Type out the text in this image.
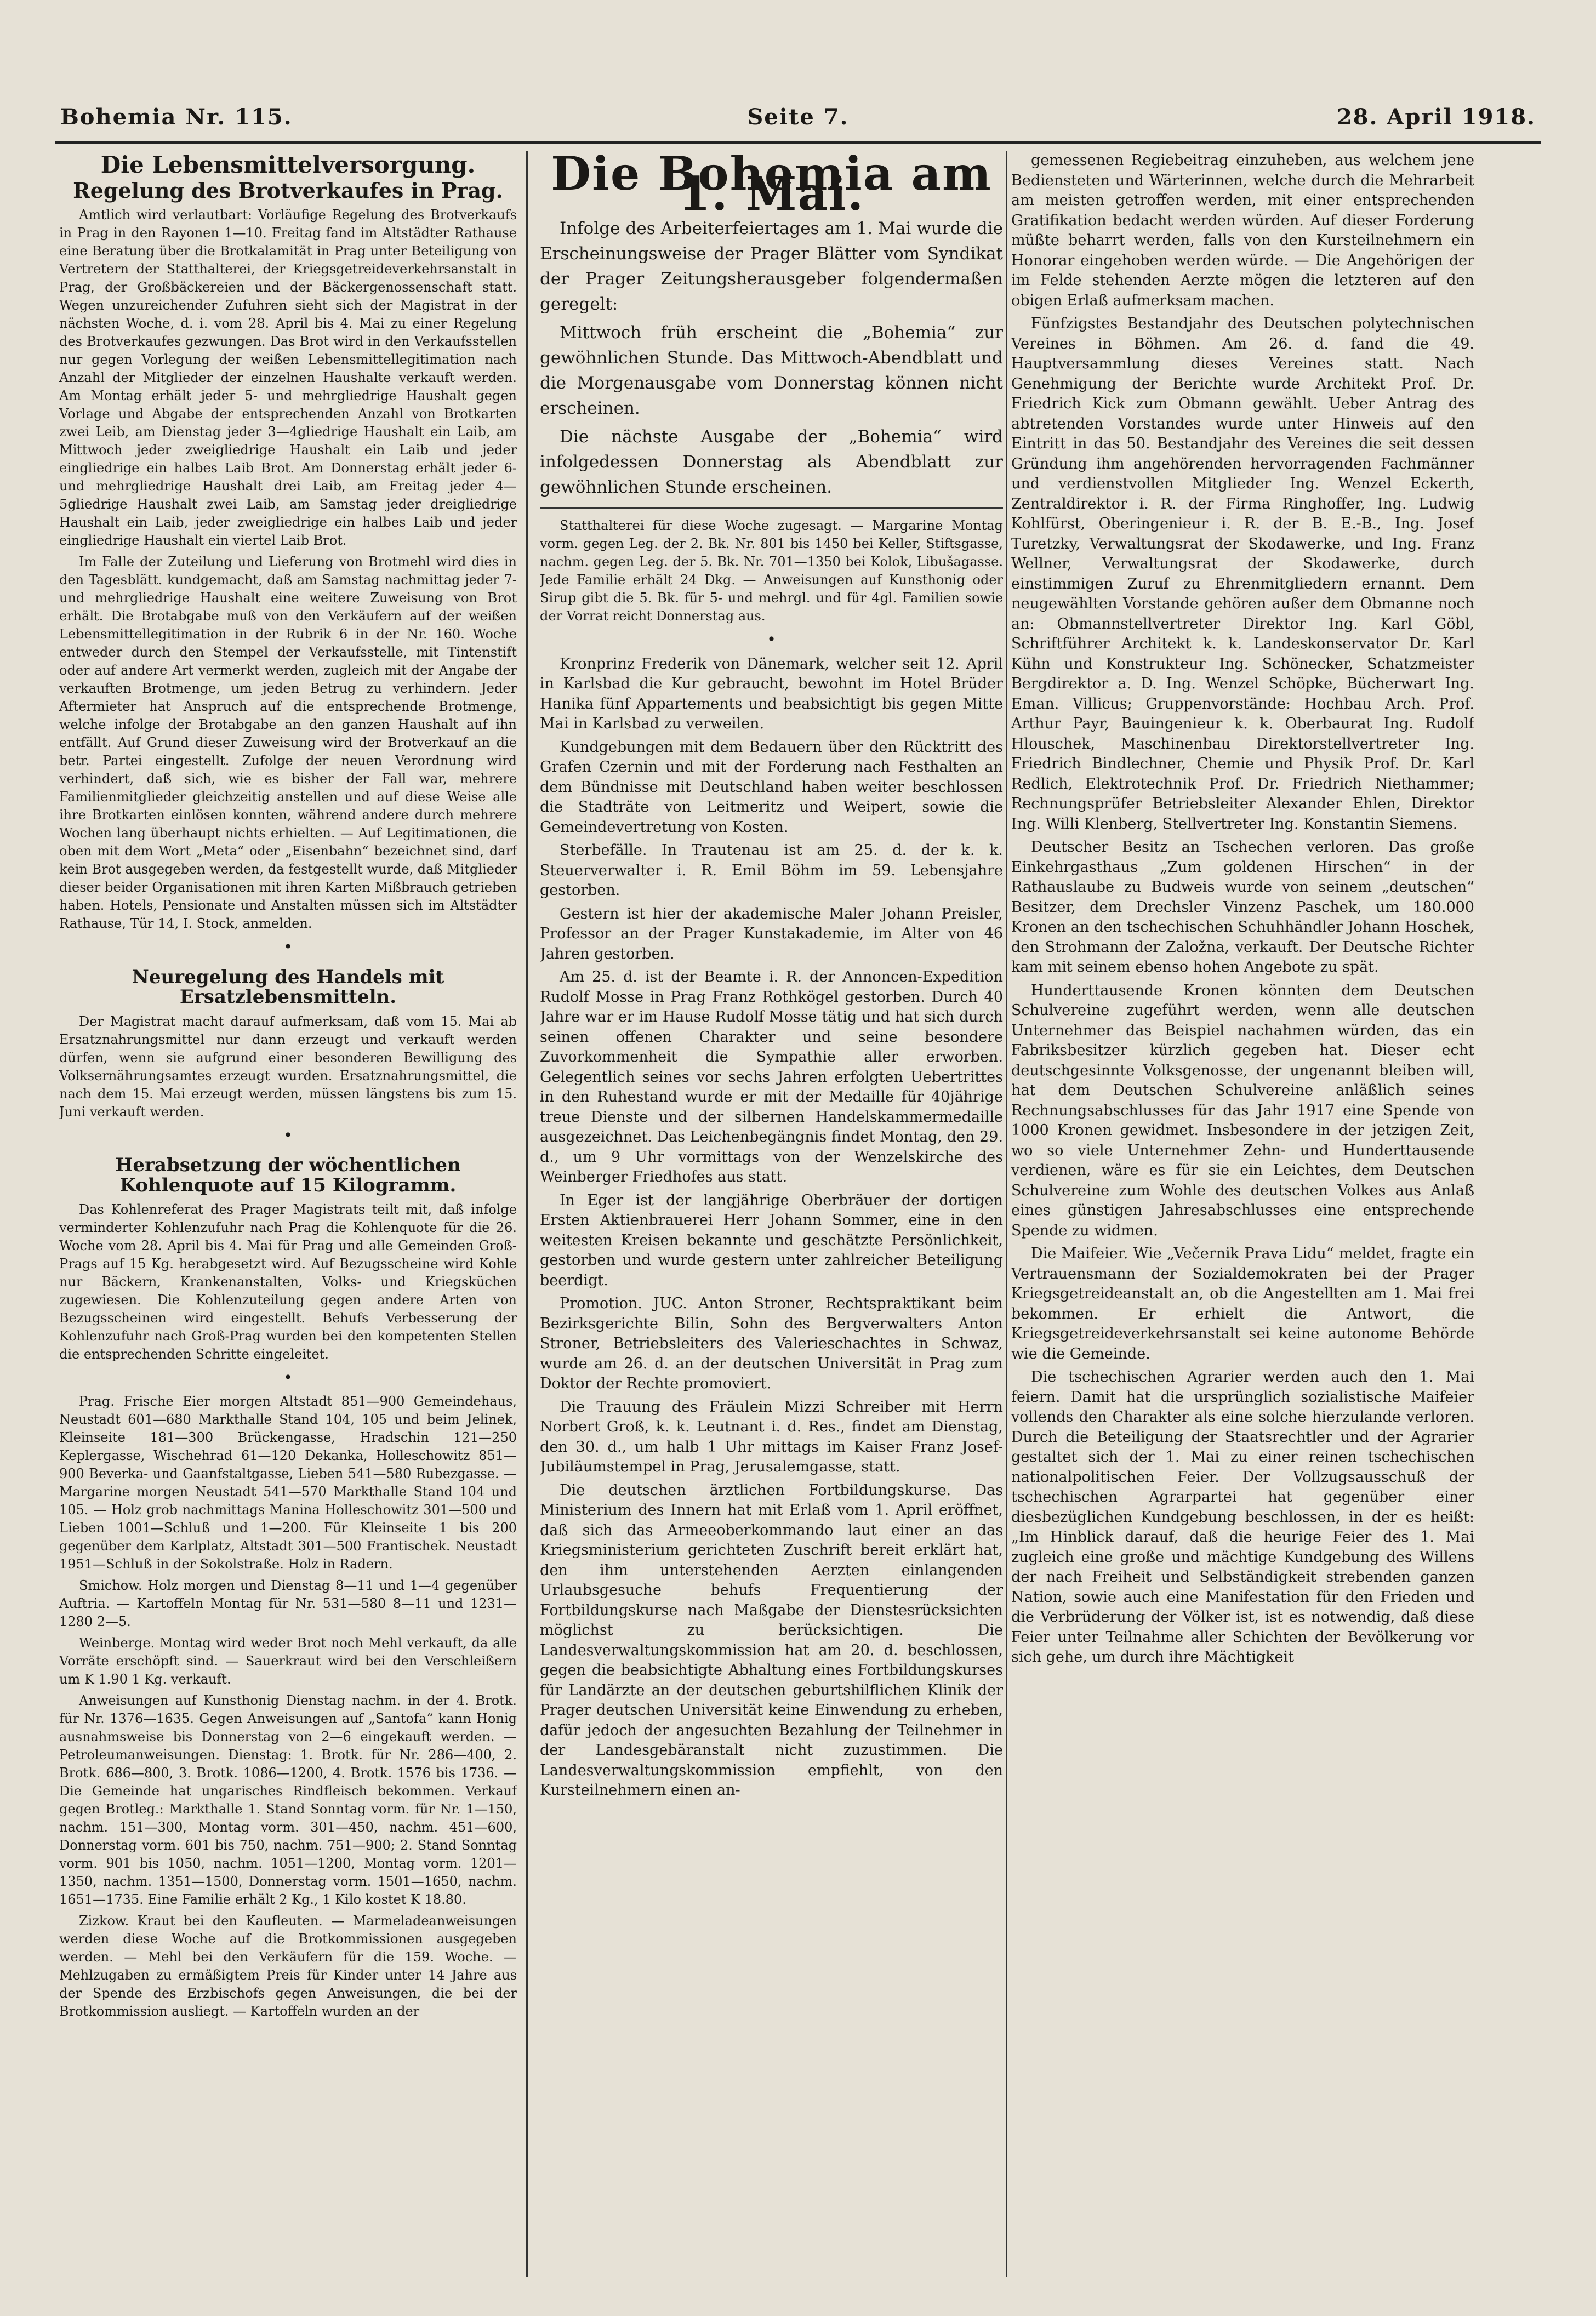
Bohemia Nr. 115.	Seite 7.	28. April 1918.
Die Lebensmittelversorgung.
Regelung des Brotverkaufes in Prag.

Amtlich wird verlautbart: Vorläufige Regelung des Brotverkaufs in Prag in den Rayonen 1—10. Freitag fand im Altstädter Rathause eine Beratung über die Brotkalamität in Prag unter Beteiligung von Vertretern der Statthalterei, der Kriegsgetreideverkehrsanstalt in Prag, der Großbäckereien und der Bäckergenossenschaft statt. Wegen unzureichender Zufuhren sieht sich der Magistrat in der nächsten Woche, d. i. vom 28. April bis 4. Mai zu einer Regelung des Brotverkaufes gezwungen. Das Brot wird in den Verkaufsstellen nur gegen Vorlegung der weißen Lebensmittellegitimation nach Anzahl der Mitglieder der einzelnen Haushalte verkauft werden. Am Montag erhält jeder 5- und mehrgliedrige Haushalt gegen Vorlage und Abgabe der entsprechenden Anzahl von Brotkarten zwei Leib, am Dienstag jeder 3—4gliedrige Haushalt ein Laib, am Mittwoch jeder zweigliedrige Haushalt ein Laib und jeder eingliedrige ein halbes Laib Brot. Am Donnerstag erhält jeder 6- und mehrgliedrige Haushalt drei Laib, am Freitag jeder 4—5gliedrige Haushalt zwei Laib, am Samstag jeder dreigliedrige Haushalt ein Laib, jeder zweigliedrige ein halbes Laib und jeder eingliedrige Haushalt ein viertel Laib Brot.

Im Falle der Zuteilung und Lieferung von Brotmehl wird dies in den Tagesblätt. kundgemacht, daß am Samstag nachmittag jeder 7- und mehrgliedrige Haushalt eine weitere Zuweisung von Brot erhält. Die Brotabgabe muß von den Verkäufern auf der weißen Lebensmittellegitimation in der Rubrik 6 in der Nr. 160. Woche entweder durch den Stempel der Verkaufsstelle, mit Tintenstift oder auf andere Art vermerkt werden, zugleich mit der Angabe der verkauften Brotmenge, um jeden Betrug zu verhindern. Jeder Aftermieter hat Anspruch auf die entsprechende Brotmenge, welche infolge der Brotabgabe an den ganzen Haushalt auf ihn entfällt. Auf Grund dieser Zuweisung wird der Brotverkauf an die betr. Partei eingestellt. Zufolge der neuen Verordnung wird verhindert, daß sich, wie es bisher der Fall war, mehrere Familienmitglieder gleichzeitig anstellen und auf diese Weise alle ihre Brotkarten einlösen konnten, während andere durch mehrere Wochen lang überhaupt nichts erhielten. — Auf Legitimationen, die oben mit dem Wort „Meta“ oder „Eisenbahn“ bezeichnet sind, darf kein Brot ausgegeben werden, da festgestellt wurde, daß Mitglieder dieser beider Organisationen mit ihren Karten Mißbrauch getrieben haben. Hotels, Pensionate und Anstalten müssen sich im Altstädter Rathause, Tür 14, I. Stock, anmelden.

•
Neuregelung des Handels mit Ersatzlebensmitteln.

Der Magistrat macht darauf aufmerksam, daß vom 15. Mai ab Ersatznahrungsmittel nur dann erzeugt und verkauft werden dürfen, wenn sie aufgrund einer besonderen Bewilligung des Volksernährungsamtes erzeugt wurden. Ersatznahrungsmittel, die nach dem 15. Mai erzeugt werden, müssen längstens bis zum 15. Juni verkauft werden.

•
Herabsetzung der wöchentlichen Kohlenquote auf 15 Kilogramm.

Das Kohlenreferat des Prager Magistrats teilt mit, daß infolge verminderter Kohlenzufuhr nach Prag die Kohlenquote für die 26. Woche vom 28. April bis 4. Mai für Prag und alle Gemeinden Groß-Prags auf 15 Kg. herabgesetzt wird. Auf Bezugsscheine wird Kohle nur Bäckern, Krankenanstalten, Volks- und Kriegsküchen zugewiesen. Die Kohlenzuteilung gegen andere Arten von Bezugsscheinen wird eingestellt. Behufs Verbesserung der Kohlenzufuhr nach Groß-Prag wurden bei den kompetenten Stellen die entsprechenden Schritte eingeleitet.

•

Prag. Frische Eier morgen Altstadt 851—900 Gemeindehaus, Neustadt 601—680 Markthalle Stand 104, 105 und beim Jelinek, Kleinseite 181—300 Brückengasse, Hradschin 121—250 Keplergasse, Wischehrad 61—120 Dekanka, Holleschowitz 851—900 Beverka- und Gaanfstaltgasse, Lieben 541—580 Rubezgasse. — Margarine morgen Neustadt 541—570 Markthalle Stand 104 und 105. — Holz grob nachmittags Manina Holleschowitz 301—500 und Lieben 1001—Schluß und 1—200. Für Kleinseite 1 bis 200 gegenüber dem Karlplatz, Altstadt 301—500 Frantischek. Neustadt 1951—Schluß in der Sokolstraße. Holz in Radern.

Smichow. Holz morgen und Dienstag 8—11 und 1—4 gegenüber Auftria. — Kartoffeln Montag für Nr. 531—580 8—11 und 1231—1280 2—5.

Weinberge. Montag wird weder Brot noch Mehl verkauft, da alle Vorräte erschöpft sind. — Sauerkraut wird bei den Verschleißern um K 1.90 1 Kg. verkauft.

Anweisungen auf Kunsthonig Dienstag nachm. in der 4. Brotk. für Nr. 1376—1635. Gegen Anweisungen auf „Santofa“ kann Honig ausnahmsweise bis Donnerstag von 2—6 eingekauft werden. — Petroleumanweisungen. Dienstag: 1. Brotk. für Nr. 286—400, 2. Brotk. 686—800, 3. Brotk. 1086—1200, 4. Brotk. 1576 bis 1736. — Die Gemeinde hat ungarisches Rindfleisch bekommen. Verkauf gegen Brotleg.: Markthalle 1. Stand Sonntag vorm. für Nr. 1—150, nachm. 151—300, Montag vorm. 301—450, nachm. 451—600, Donnerstag vorm. 601 bis 750, nachm. 751—900; 2. Stand Sonntag vorm. 901 bis 1050, nachm. 1051—1200, Montag vorm. 1201—1350, nachm. 1351—1500, Donnerstag vorm. 1501—1650, nachm. 1651—1735. Eine Familie erhält 2 Kg., 1 Kilo kostet K 18.80.

Zizkow. Kraut bei den Kaufleuten. — Marmeladeanweisungen werden diese Woche auf die Brotkommissionen ausgegeben werden. — Mehl bei den Verkäufern für die 159. Woche. — Mehlzugaben zu ermäßigtem Preis für Kinder unter 14 Jahre aus der Spende des Erzbischofs gegen Anweisungen, die bei der Brotkommission ausliegt. — Kartoffeln wurden an der

Die Bohemia am 1. Mai.

Infolge des Arbeiterfeiertages am 1. Mai wurde die Erscheinungsweise der Prager Blätter vom Syndikat der Prager Zeitungsherausgeber folgendermaßen geregelt:

Mittwoch früh erscheint die „Bohemia“ zur gewöhnlichen Stunde. Das Mittwoch-Abendblatt und die Morgenausgabe vom Donnerstag können nicht erscheinen.

Die nächste Ausgabe der „Bohemia“ wird infolgedessen Donnerstag als Abendblatt zur gewöhnlichen Stunde erscheinen.

Statthalterei für diese Woche zugesagt. — Margarine Montag vorm. gegen Leg. der 2. Bk. Nr. 801 bis 1450 bei Keller, Stiftsgasse, nachm. gegen Leg. der 5. Bk. Nr. 701—1350 bei Kolok, Libušagasse. Jede Familie erhält 24 Dkg. — Anweisungen auf Kunsthonig oder Sirup gibt die 5. Bk. für 5- und mehrgl. und für 4gl. Familien sowie der Vorrat reicht Donnerstag aus.

•

Kronprinz Frederik von Dänemark, welcher seit 12. April in Karlsbad die Kur gebraucht, bewohnt im Hotel Brüder Hanika fünf Appartements und beabsichtigt bis gegen Mitte Mai in Karlsbad zu verweilen.

Kundgebungen mit dem Bedauern über den Rücktritt des Grafen Czernin und mit der Forderung nach Festhalten an dem Bündnisse mit Deutschland haben weiter beschlossen die Stadträte von Leitmeritz und Weipert, sowie die Gemeindevertretung von Kosten.

Sterbefälle. In Trautenau ist am 25. d. der k. k. Steuerverwalter i. R. Emil Böhm im 59. Lebensjahre gestorben.

Gestern ist hier der akademische Maler Johann Preisler, Professor an der Prager Kunstakademie, im Alter von 46 Jahren gestorben.

Am 25. d. ist der Beamte i. R. der Annoncen-Expedition Rudolf Mosse in Prag Franz Rothkögel gestorben. Durch 40 Jahre war er im Hause Rudolf Mosse tätig und hat sich durch seinen offenen Charakter und seine besondere Zuvorkommenheit die Sympathie aller erworben. Gelegentlich seines vor sechs Jahren erfolgten Uebertrittes in den Ruhestand wurde er mit der Medaille für 40jährige treue Dienste und der silbernen Handelskammermedaille ausgezeichnet. Das Leichenbegängnis findet Montag, den 29. d., um 9 Uhr vormittags von der Wenzelskirche des Weinberger Friedhofes aus statt.

In Eger ist der langjährige Oberbräuer der dortigen Ersten Aktienbrauerei Herr Johann Sommer, eine in den weitesten Kreisen bekannte und geschätzte Persönlichkeit, gestorben und wurde gestern unter zahlreicher Beteiligung beerdigt.

Promotion. JUC. Anton Stroner, Rechtspraktikant beim Bezirksgerichte Bilin, Sohn des Bergverwalters Anton Stroner, Betriebsleiters des Valerieschachtes in Schwaz, wurde am 26. d. an der deutschen Universität in Prag zum Doktor der Rechte promoviert.

Die Trauung des Fräulein Mizzi Schreiber mit Herrn Norbert Groß, k. k. Leutnant i. d. Res., findet am Dienstag, den 30. d., um halb 1 Uhr mittags im Kaiser Franz Josef-Jubiläumstempel in Prag, Jerusalemgasse, statt.

Die deutschen ärztlichen Fortbildungskurse. Das Ministerium des Innern hat mit Erlaß vom 1. April eröffnet, daß sich das Armeeoberkommando laut einer an das Kriegsministerium gerichteten Zuschrift bereit erklärt hat, den ihm unterstehenden Aerzten einlangenden Urlaubsgesuche behufs Frequentierung der Fortbildungskurse nach Maßgabe der Dienstesrücksichten möglichst zu berücksichtigen. Die Landesverwaltungskommission hat am 20. d. beschlossen, gegen die beabsichtigte Abhaltung eines Fortbildungskurses für Landärzte an der deutschen geburtshilflichen Klinik der Prager deutschen Universität keine Einwendung zu erheben, dafür jedoch der angesuchten Bezahlung der Teilnehmer in der Landesgebäranstalt nicht zuzustimmen. Die Landesverwaltungskommission empfiehlt, von den Kursteilnehmern einen an-

gemessenen Regiebeitrag einzuheben, aus welchem jene Bediensteten und Wärterinnen, welche durch die Mehrarbeit am meisten getroffen werden, mit einer entsprechenden Gratifikation bedacht werden würden. Auf dieser Forderung müßte beharrt werden, falls von den Kursteilnehmern ein Honorar eingehoben werden würde. — Die Angehörigen der im Felde stehenden Aerzte mögen die letzteren auf den obigen Erlaß aufmerksam machen.

Fünfzigstes Bestandjahr des Deutschen polytechnischen Vereines in Böhmen. Am 26. d. fand die 49. Hauptversammlung dieses Vereines statt. Nach Genehmigung der Berichte wurde Architekt Prof. Dr. Friedrich Kick zum Obmann gewählt. Ueber Antrag des abtretenden Vorstandes wurde unter Hinweis auf den Eintritt in das 50. Bestandjahr des Vereines die seit dessen Gründung ihm angehörenden hervorragenden Fachmänner und verdienstvollen Mitglieder Ing. Wenzel Eckerth, Zentraldirektor i. R. der Firma Ringhoffer, Ing. Ludwig Kohlfürst, Oberingenieur i. R. der B. E.-B., Ing. Josef Turetzky, Verwaltungsrat der Skodawerke, und Ing. Franz Wellner, Verwaltungsrat der Skodawerke, durch einstimmigen Zuruf zu Ehrenmitgliedern ernannt. Dem neugewählten Vorstande gehören außer dem Obmanne noch an: Obmannstellvertreter Direktor Ing. Karl Göbl, Schriftführer Architekt k. k. Landeskonservator Dr. Karl Kühn und Konstrukteur Ing. Schönecker, Schatzmeister Bergdirektor a. D. Ing. Wenzel Schöpke, Bücherwart Ing. Eman. Villicus; Gruppenvorstände: Hochbau Arch. Prof. Arthur Payr, Bauingenieur k. k. Oberbaurat Ing. Rudolf Hlouschek, Maschinenbau Direktorstellvertreter Ing. Friedrich Bindlechner, Chemie und Physik Prof. Dr. Karl Redlich, Elektrotechnik Prof. Dr. Friedrich Niethammer; Rechnungsprüfer Betriebsleiter Alexander Ehlen, Direktor Ing. Willi Klenberg, Stellvertreter Ing. Konstantin Siemens.

Deutscher Besitz an Tschechen verloren. Das große Einkehrgasthaus „Zum goldenen Hirschen“ in der Rathauslaube zu Budweis wurde von seinem „deutschen“ Besitzer, dem Drechsler Vinzenz Paschek, um 180.000 Kronen an den tschechischen Schuhhändler Johann Hoschek, den Strohmann der Založna, verkauft. Der Deutsche Richter kam mit seinem ebenso hohen Angebote zu spät.

Hunderttausende Kronen könnten dem Deutschen Schulvereine zugeführt werden, wenn alle deutschen Unternehmer das Beispiel nachahmen würden, das ein Fabriksbesitzer kürzlich gegeben hat. Dieser echt deutschgesinnte Volksgenosse, der ungenannt bleiben will, hat dem Deutschen Schulvereine anläßlich seines Rechnungsabschlusses für das Jahr 1917 eine Spende von 1000 Kronen gewidmet. Insbesondere in der jetzigen Zeit, wo so viele Unternehmer Zehn- und Hunderttausende verdienen, wäre es für sie ein Leichtes, dem Deutschen Schulvereine zum Wohle des deutschen Volkes aus Anlaß eines günstigen Jahresabschlusses eine entsprechende Spende zu widmen.

Die Maifeier. Wie „Večernik Prava Lidu“ meldet, fragte ein Vertrauensmann der Sozialdemokraten bei der Prager Kriegsgetreideanstalt an, ob die Angestellten am 1. Mai frei bekommen. Er erhielt die Antwort, die Kriegsgetreideverkehrsanstalt sei keine autonome Behörde wie die Gemeinde.

Die tschechischen Agrarier werden auch den 1. Mai feiern. Damit hat die ursprünglich sozialistische Maifeier vollends den Charakter als eine solche hierzulande verloren. Durch die Beteiligung der Staatsrechtler und der Agrarier gestaltet sich der 1. Mai zu einer reinen tschechischen nationalpolitischen Feier. Der Vollzugsausschuß der tschechischen Agrarpartei hat gegenüber einer diesbezüglichen Kundgebung beschlossen, in der es heißt: „Im Hinblick darauf, daß die heurige Feier des 1. Mai zugleich eine große und mächtige Kundgebung des Willens der nach Freiheit und Selbständigkeit strebenden ganzen Nation, sowie auch eine Manifestation für den Frieden und die Verbrüderung der Völker ist, ist es notwendig, daß diese Feier unter Teilnahme aller Schichten der Bevölkerung vor sich gehe, um durch ihre Mächtigkeit
